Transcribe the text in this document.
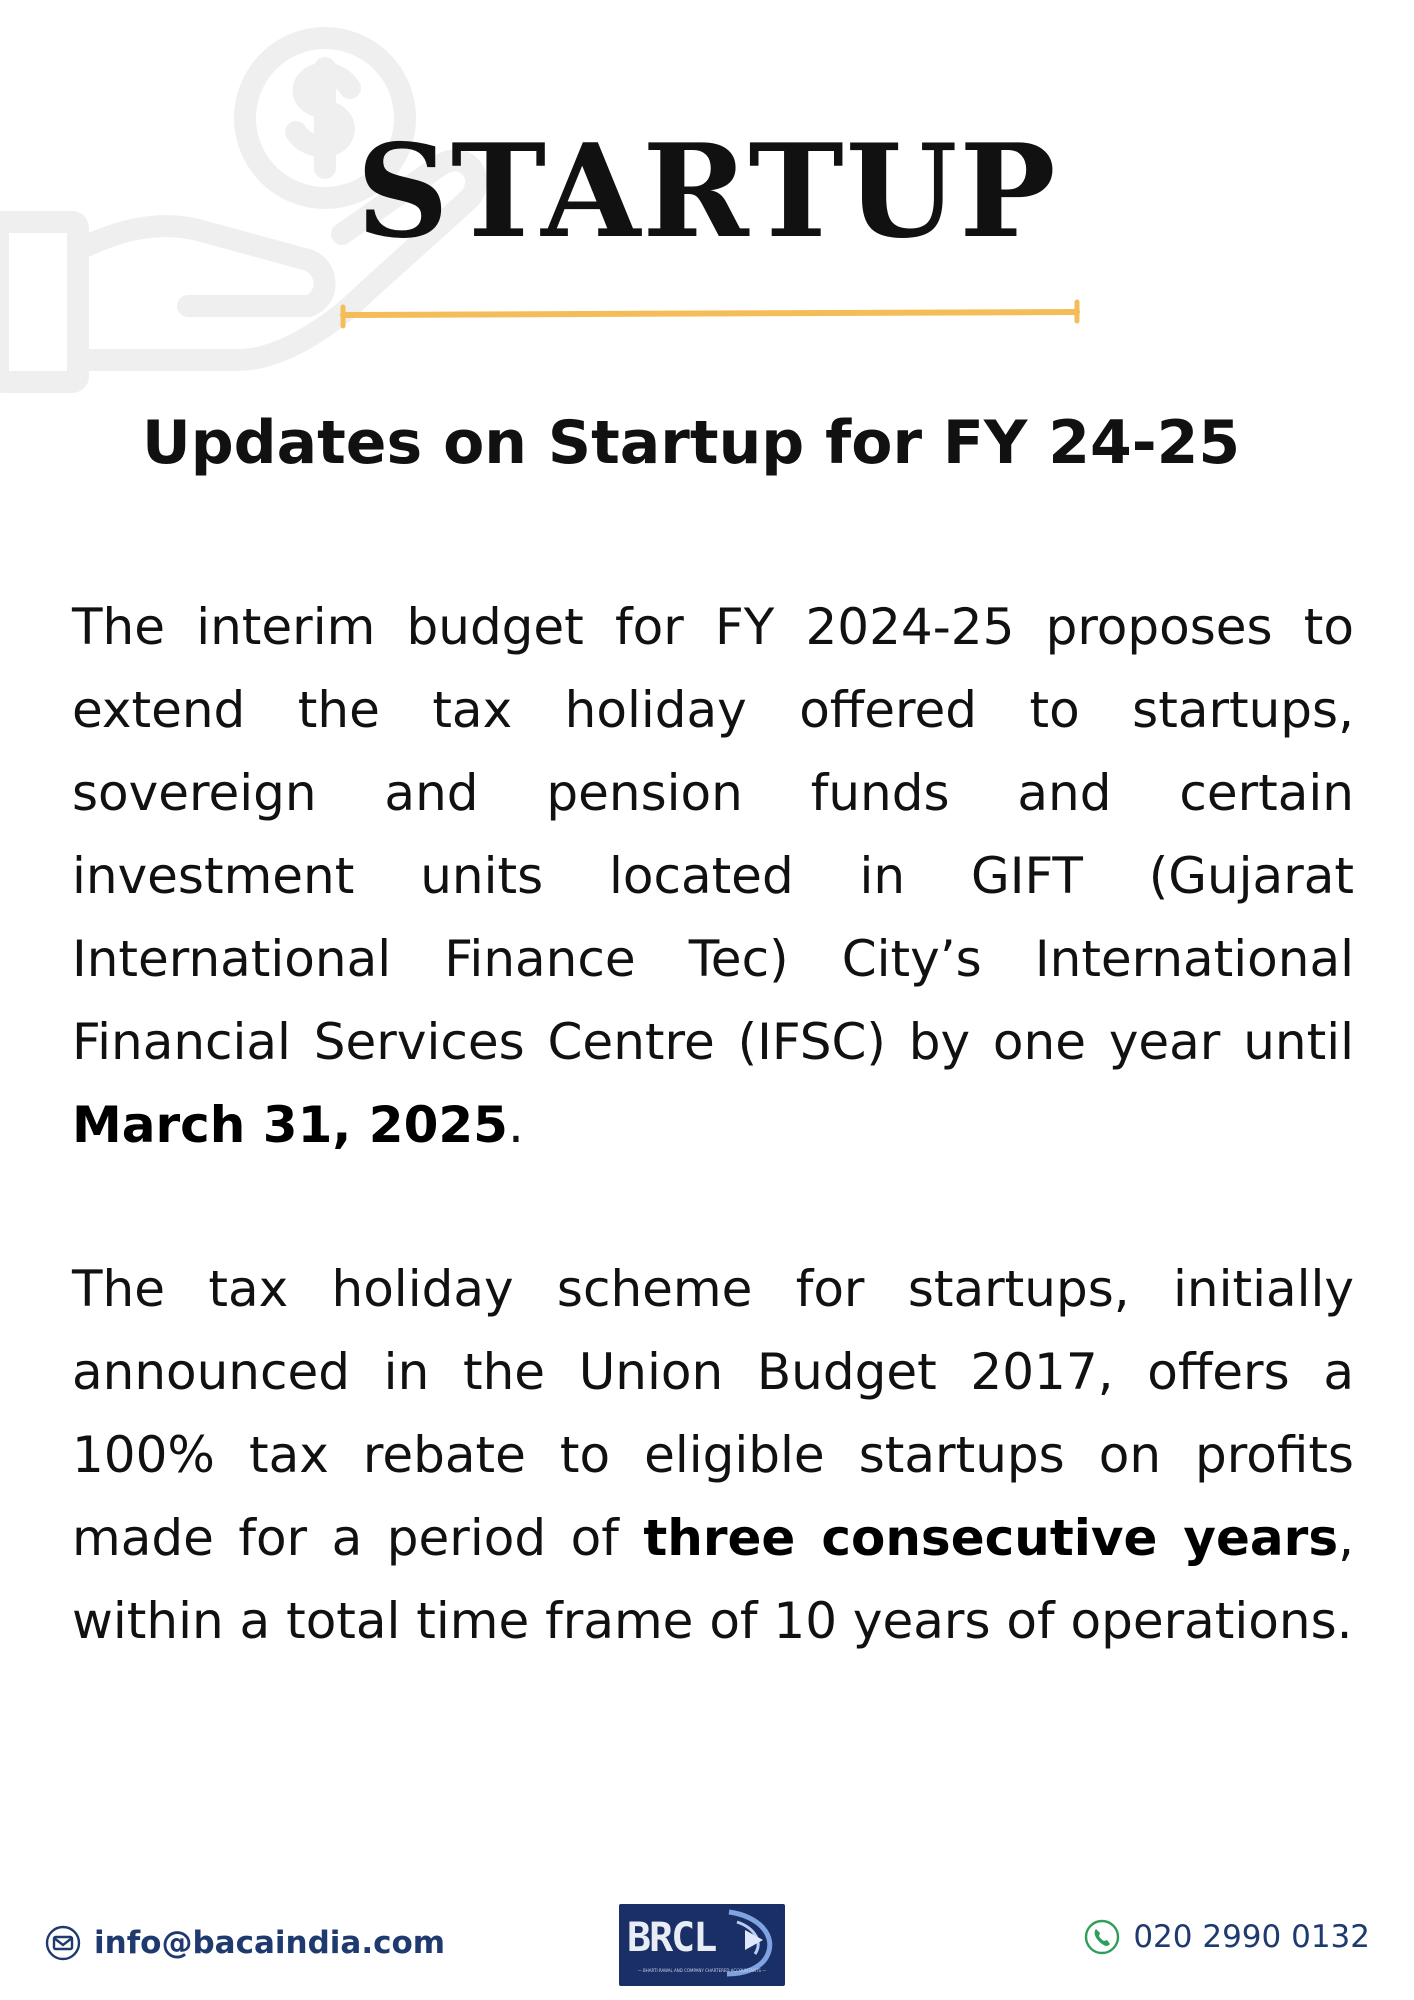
STARTUP
Updates on Startup for FY 24-25

The interim budget for FY 2024-25 proposes to extend the tax holiday offered to startups, sovereign and pension funds and certain investment units located in GIFT (Gujarat International Finance Tec) City’s International Financial Services Centre (IFSC) by one year until March 31, 2025.

The tax holiday scheme for startups, initially announced in the Union Budget 2017, offers a 100% tax rebate to eligible startups on profits made for a period of three consecutive years, within a total time frame of 10 years of operations.

info@bacaindia.com	BRCL
— BHARTI RAWAL AND COMPANY CHARTERED ACCOUNTANTS —
020 2990 0132
